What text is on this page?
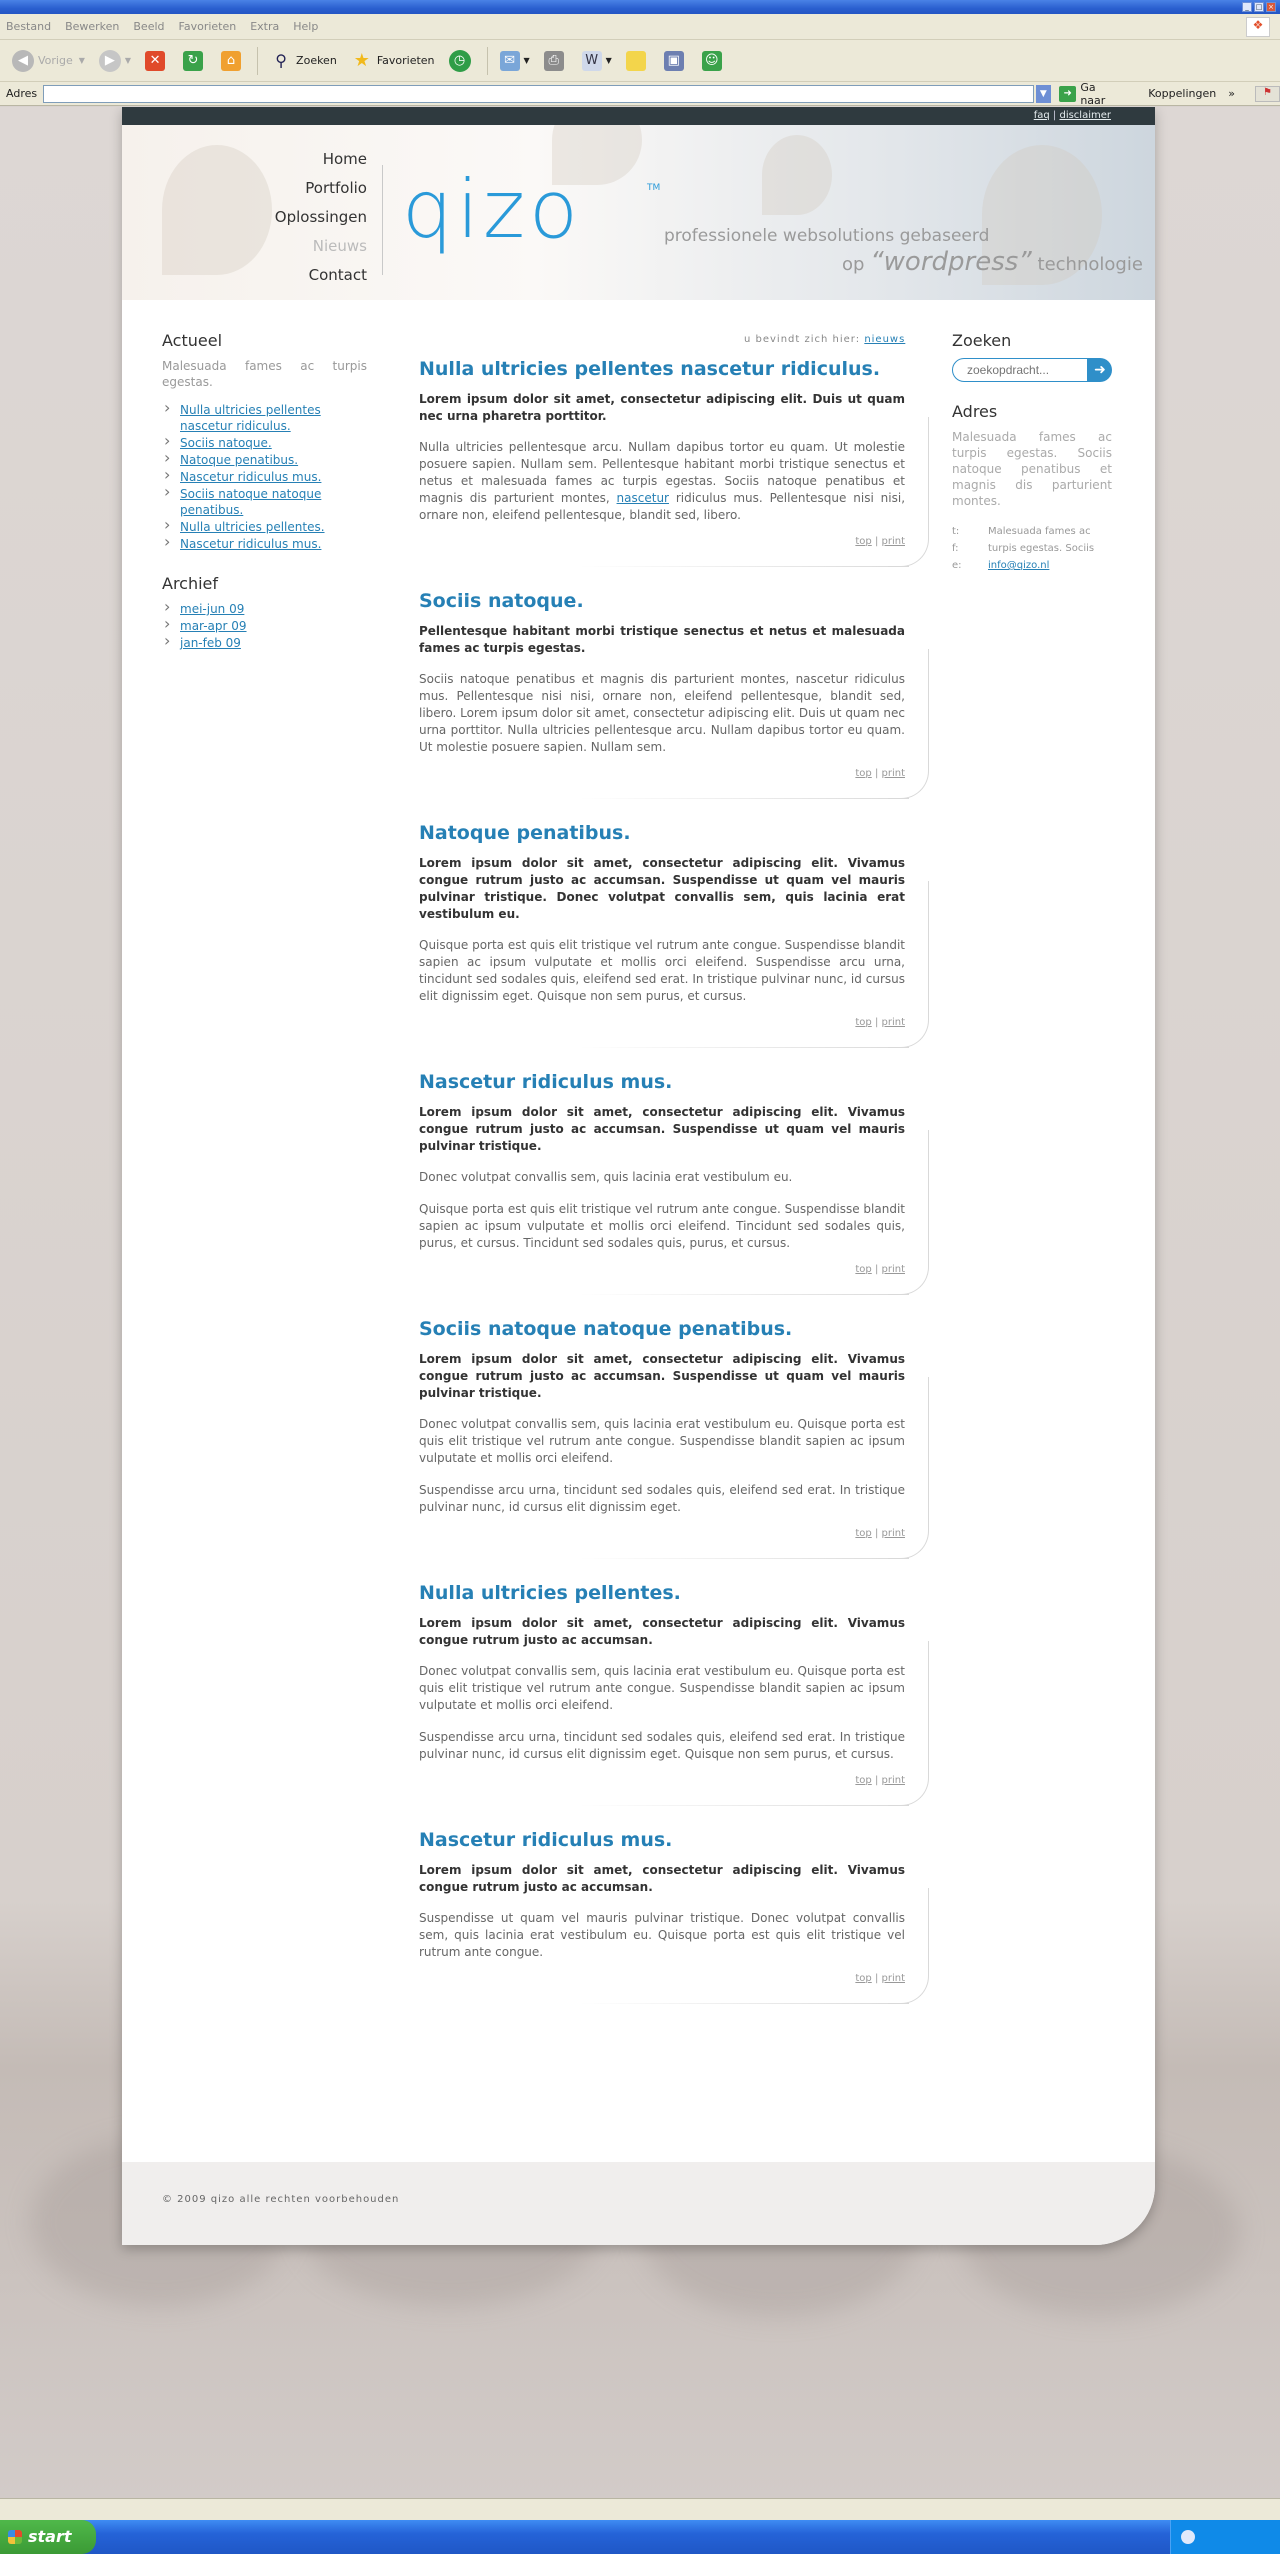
_ □ ×
Bestand Bewerken Beeld Favorieten Extra Help	❖
◀ Vorige ▼	▶	▼	✕	↻	⌂	⚲ Zoeken ★ Favorieten	◷	✉	▼	⎙	W ▼	▣ ☺
Adres	▼	➜ Ga naar	Koppelingen »	⚑
faq | disclaimer
Home
Portfolio
Oplossingen
Nieuws
Contact
qizo	TM
professionele websolutions gebaseerd
op “wordpress” technologie
Actueel

Malesuada fames ac turpis egestas.

› Nulla ultricies pellentes nascetur ridiculus.
› Sociis natoque.
› Natoque penatibus.
› Nascetur ridiculus mus.
› Sociis natoque natoque penatibus.
› Nulla ultricies pellentes.
› Nascetur ridiculus mus.
Archief
› mei-jun 09
› mar-apr 09
› jan-feb 09
u bevindt zich hier: nieuws
Nulla ultricies pellentes nascetur ridiculus.

Lorem ipsum dolor sit amet, consectetur adipiscing elit. Duis ut quam nec urna pharetra porttitor.

Nulla ultricies pellentesque arcu. Nullam dapibus tortor eu quam. Ut molestie posuere sapien. Nullam sem. Pellentesque habitant morbi tristique senectus et netus et malesuada fames ac turpis egestas. Sociis natoque penatibus et magnis dis parturient montes, nascetur ridiculus mus. Pellentesque nisi nisi, ornare non, eleifend pellentesque, blandit sed, libero.

top | print
Sociis natoque.

Pellentesque habitant morbi tristique senectus et netus et malesuada fames ac turpis egestas.

Sociis natoque penatibus et magnis dis parturient montes, nascetur ridiculus mus. Pellentesque nisi nisi, ornare non, eleifend pellentesque, blandit sed, libero. Lorem ipsum dolor sit amet, consectetur adipiscing elit. Duis ut quam nec urna porttitor. Nulla ultricies pellentesque arcu. Nullam dapibus tortor eu quam. Ut molestie posuere sapien. Nullam sem.

top | print
Natoque penatibus.

Lorem ipsum dolor sit amet, consectetur adipiscing elit. Vivamus congue rutrum justo ac accumsan. Suspendisse ut quam vel mauris pulvinar tristique. Donec volutpat convallis sem, quis lacinia erat vestibulum eu.

Quisque porta est quis elit tristique vel rutrum ante congue. Suspendisse blandit sapien ac ipsum vulputate et mollis orci eleifend. Suspendisse arcu urna, tincidunt sed sodales quis, eleifend sed erat. In tristique pulvinar nunc, id cursus elit dignissim eget. Quisque non sem purus, et cursus.

top | print
Nascetur ridiculus mus.

Lorem ipsum dolor sit amet, consectetur adipiscing elit. Vivamus congue rutrum justo ac accumsan. Suspendisse ut quam vel mauris pulvinar tristique.

Donec volutpat convallis sem, quis lacinia erat vestibulum eu.

Quisque porta est quis elit tristique vel rutrum ante congue. Suspendisse blandit sapien ac ipsum vulputate et mollis orci eleifend. Tincidunt sed sodales quis, purus, et cursus. Tincidunt sed sodales quis, purus, et cursus.

top | print
Sociis natoque natoque penatibus.

Lorem ipsum dolor sit amet, consectetur adipiscing elit. Vivamus congue rutrum justo ac accumsan. Suspendisse ut quam vel mauris pulvinar tristique.

Donec volutpat convallis sem, quis lacinia erat vestibulum eu. Quisque porta est quis elit tristique vel rutrum ante congue. Suspendisse blandit sapien ac ipsum vulputate et mollis orci eleifend.

Suspendisse arcu urna, tincidunt sed sodales quis, eleifend sed erat. In tristique pulvinar nunc, id cursus elit dignissim eget.

top | print
Nulla ultricies pellentes.

Lorem ipsum dolor sit amet, consectetur adipiscing elit. Vivamus congue rutrum justo ac accumsan.

Donec volutpat convallis sem, quis lacinia erat vestibulum eu. Quisque porta est quis elit tristique vel rutrum ante congue. Suspendisse blandit sapien ac ipsum vulputate et mollis orci eleifend.

Suspendisse arcu urna, tincidunt sed sodales quis, eleifend sed erat. In tristique pulvinar nunc, id cursus elit dignissim eget. Quisque non sem purus, et cursus.

top | print
Nascetur ridiculus mus.

Lorem ipsum dolor sit amet, consectetur adipiscing elit. Vivamus congue rutrum justo ac accumsan.

Suspendisse ut quam vel mauris pulvinar tristique. Donec volutpat convallis sem, quis lacinia erat vestibulum eu. Quisque porta est quis elit tristique vel rutrum ante congue.

top | print
Zoeken
zoekopdracht...
➜
Adres

Malesuada fames ac turpis egestas. Sociis natoque penatibus et magnis dis parturient montes.

t:	Malesuada fames ac
f:	turpis egestas. Sociis
e:	info@qizo.nl
© 2009 qizo alle rechten voorbehouden
start
